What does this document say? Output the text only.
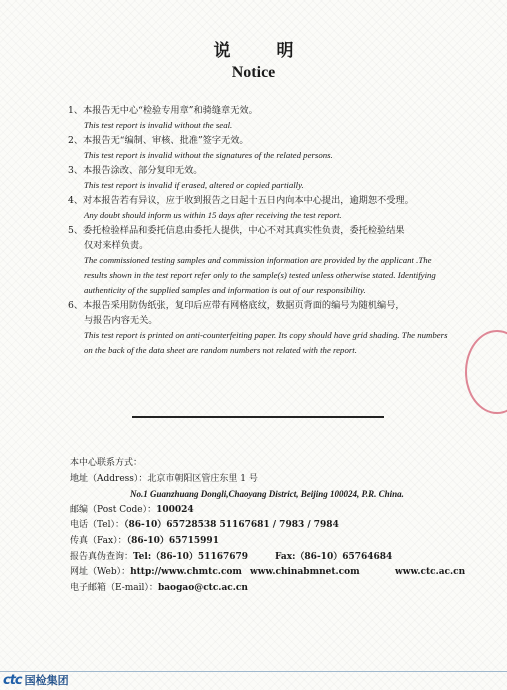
说 明
Notice
1、本报告无中心“检验专用章”和骑缝章无效。
This test report is invalid without the seal.
2、本报告无“编制、审核、批准”签字无效。
This test report is invalid without the signatures of the related persons.
3、本报告涂改、部分复印无效。
This test report is invalid if erased, altered or copied partially.
4、对本报告若有异议，应于收到报告之日起十五日内向本中心提出，逾期恕不受理。
Any doubt should inform us within 15 days after receiving the test report.
5、委托检验样品和委托信息由委托人提供，中心不对其真实性负责，委托检验结果
仅对来样负责。
The commissioned testing samples and commission information are provided by the applicant .The results shown in the test report refer only to the sample(s) tested unless otherwise stated. Identifying authenticity of the supplied samples and information is out of our responsibility.
6、本报告采用防伪纸张，复印后应带有网格底纹，数据页背面的编号为随机编号，
与报告内容无关。
This test report is printed on anti-counterfeiting paper. Its copy should have grid shading. The numbers on the back of the data sheet are random numbers not related with the report.
本中心联系方式：
地址（Address）：北京市朝阳区管庄东里 1 号
No.1 Guanzhuang Dongli,Chaoyang District, Beijing 100024, P.R. China.
邮编（Post Code）：100024
电话（Tel）：（86-10）65728538 51167681 / 7983 / 7984
传真（Fax）：（86-10）65715991
报告真伪查询：Tel:（86-10）51167679	Fax:（86-10）65764684
网址（Web）：http://www.chmtc.com www.chinabmnet.com	www.ctc.ac.cn
电子邮箱（E-mail）：baogao@ctc.ac.cn
ctc 国检集团
